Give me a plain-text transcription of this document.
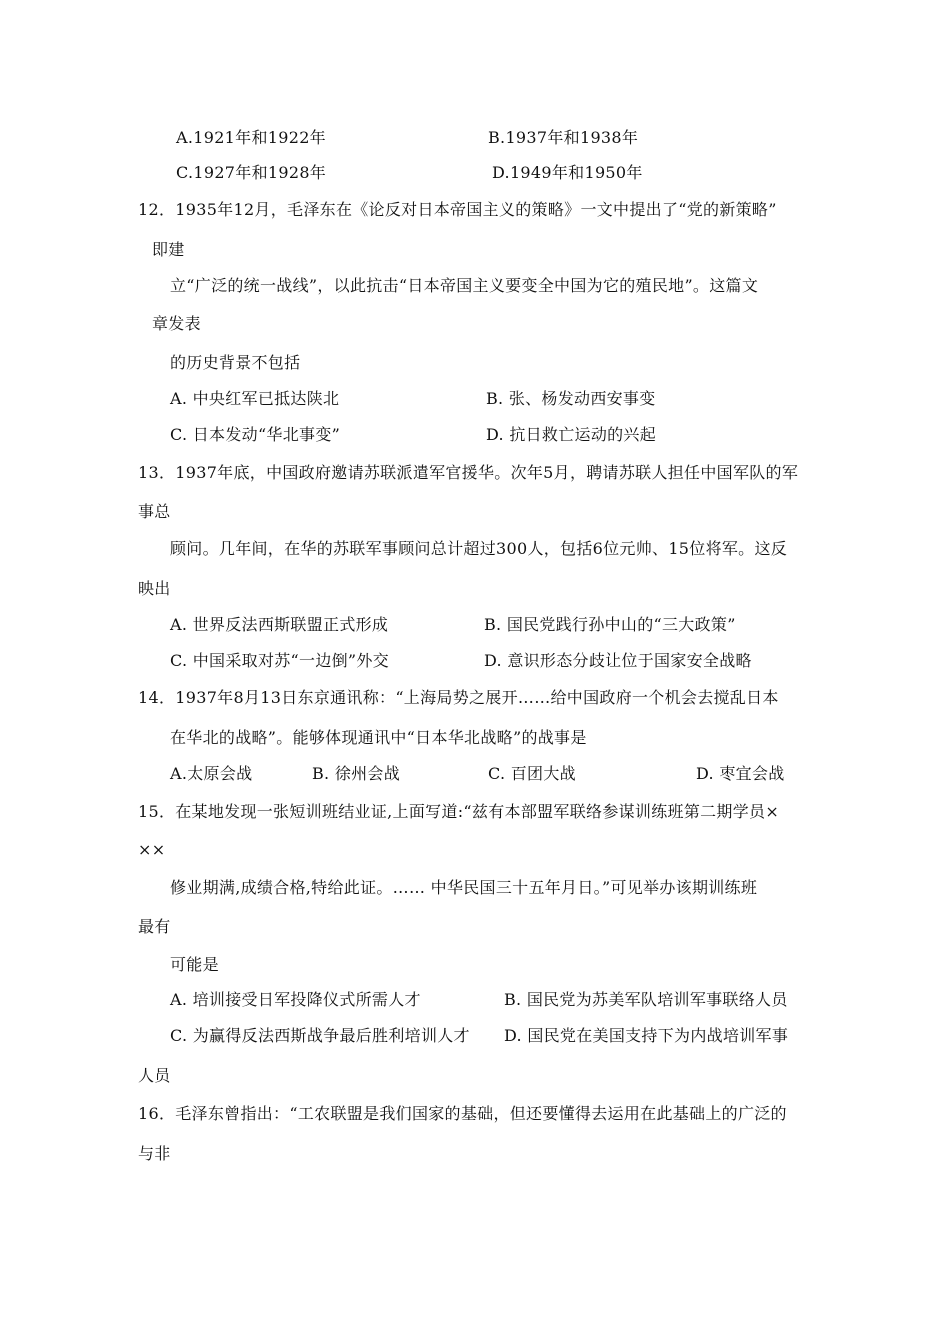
A.1921年和1922年	B.1937年和1938年
C.1927年和1928年	D.1949年和1950年
12．1935年12月，毛泽东在《论反对日本帝国主义的策略》一文中提出了“党的新策略”
即建
立“广泛的统一战线”，以此抗击“日本帝国主义要变全中国为它的殖民地”。这篇文
章发表
的历史背景不包括
A. 中央红军已抵达陕北	B. 张、杨发动西安事变
C. 日本发动“华北事变”	D. 抗日救亡运动的兴起
13．1937年底，中国政府邀请苏联派遣军官援华。次年5月，聘请苏联人担任中国军队的军
事总
顾问。几年间，在华的苏联军事顾问总计超过300人，包括6位元帅、15位将军。这反
映出
A. 世界反法西斯联盟正式形成	B. 国民党践行孙中山的“三大政策”
C. 中国采取对苏“一边倒”外交	D. 意识形态分歧让位于国家安全战略
14．1937年8月13日东京通讯称：“上海局势之展开……给中国政府一个机会去搅乱日本
在华北的战略”。能够体现通讯中“日本华北战略”的战事是
A.太原会战	B. 徐州会战	C. 百团大战	D. 枣宜会战
15．在某地发现一张短训班结业证,上面写道:“兹有本部盟军联络参谋训练班第二期学员×
××
修业期满,成绩合格,特给此证。…… 中华民国三十五年月日。”可见举办该期训练班
最有
可能是
A. 培训接受日军投降仪式所需人才	B. 国民党为苏美军队培训军事联络人员
C. 为赢得反法西斯战争最后胜利培训人才 D. 国民党在美国支持下为内战培训军事
人员
16．毛泽东曾指出：“工农联盟是我们国家的基础，但还要懂得去运用在此基础上的广泛的
与非
